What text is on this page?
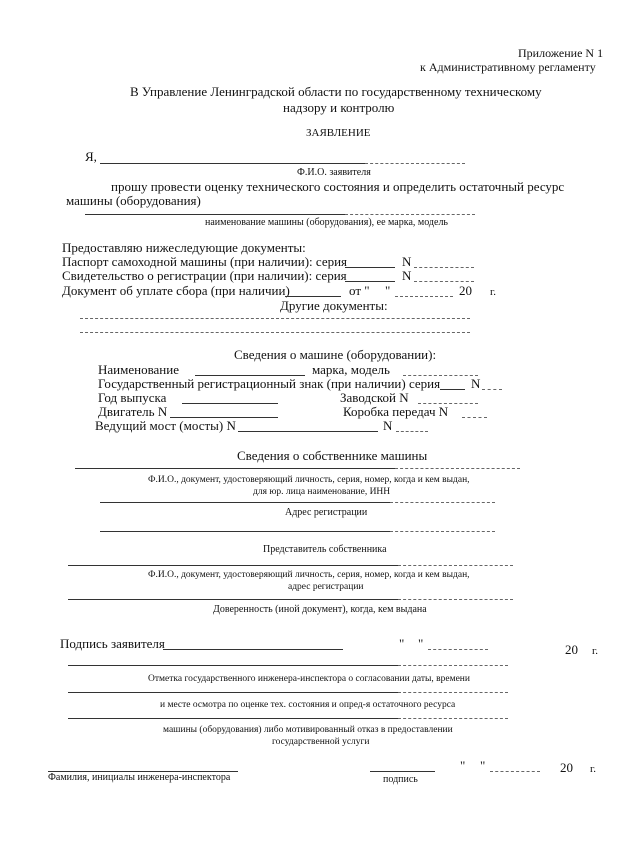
Приложение N 1
к Административному регламенту
В Управление Ленинградской области по государственному техническому
надзору и контролю
ЗАЯВЛЕНИЕ
Я,
Ф.И.О. заявителя
прошу провести оценку технического состояния и определить остаточный ресурс
машины (оборудования)
наименование машины (оборудования), ее марка, модель
Предоставляю нижеследующие документы:
Паспорт самоходной машины (при наличии): серия	N
Свидетельство о регистрации (при наличии): серия	N
Документ об уплате сбора (при наличии)	от " "	20 г.
Другие документы:
Сведения о машине (оборудовании):
Наименование	марка, модель
Государственный регистрационный знак (при наличии) серия N
Год выпуска	Заводской N
Двигатель N	Коробка передач N
Ведущий мост (мосты) N	N
Сведения о собственнике машины
Ф.И.О., документ, удостоверяющий личность, серия, номер, когда и кем выдан,
для юр. лица наименование, ИНН
Адрес регистрации
Представитель собственника
Ф.И.О., документ, удостоверяющий личность, серия, номер, когда и кем выдан,
адрес регистрации
Доверенность (иной документ), когда, кем выдана
Подпись заявителя	" "	20 г.
Отметка государственного инженера-инспектора о согласовании даты, времени
и месте осмотра по оценке тех. состояния и опред-я остаточного ресурса
машины (оборудования) либо мотивированный отказ в предоставлении
государственной услуги
Фамилия, инициалы инженера-инспектора	подпись
" "	20 г.
